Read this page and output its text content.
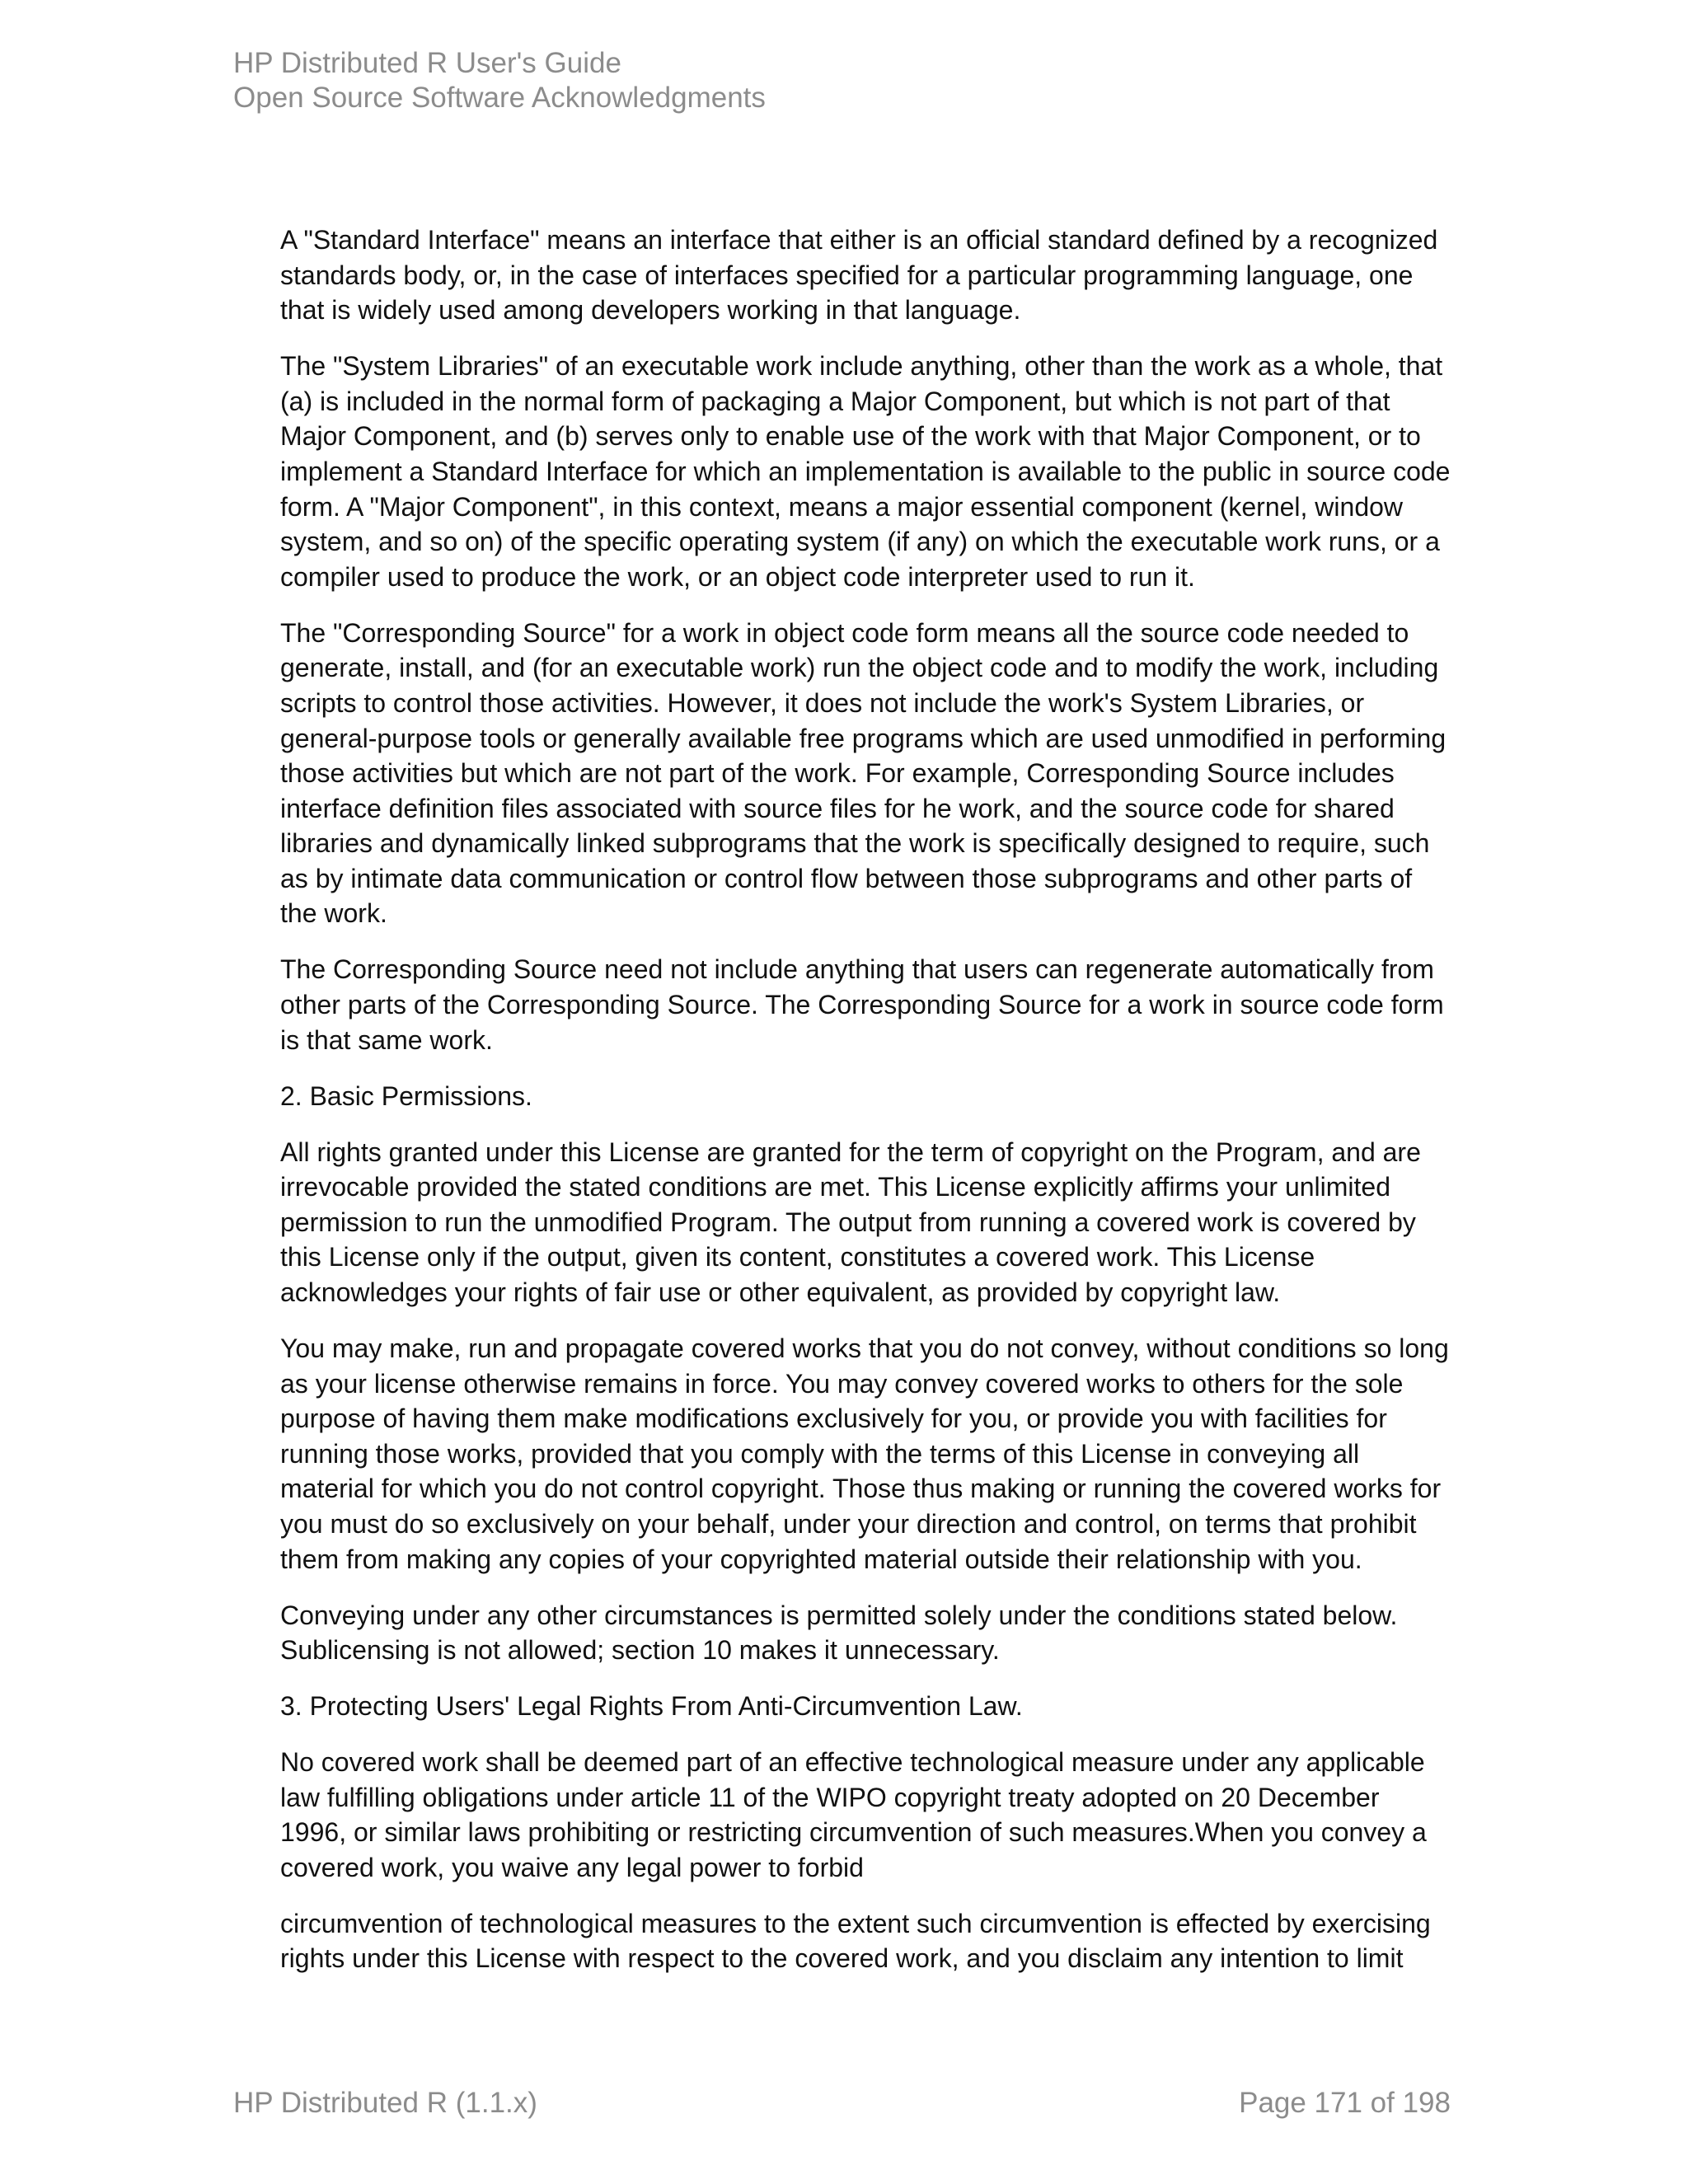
HP Distributed R User's Guide
Open Source Software Acknowledgments

A "Standard Interface" means an interface that either is an official standard defined by a recognized standards body, or, in the case of interfaces specified for a particular programming language, one that is widely used among developers working in that language.

The "System Libraries" of an executable work include anything, other than the work as a whole, that (a) is included in the normal form of packaging a Major Component, but which is not part of that Major Component, and (b) serves only to enable use of the work with that Major Component, or to implement a Standard Interface for which an implementation is available to the public in source code form. A "Major Component", in this context, means a major essential component (kernel, window system, and so on) of the specific operating system (if any) on which the executable work runs, or a compiler used to produce the work, or an object code interpreter used to run it.

The "Corresponding Source" for a work in object code form means all the source code needed to generate, install, and (for an executable work) run the object code and to modify the work, including scripts to control those activities. However, it does not include the work's System Libraries, or general-purpose tools or generally available free programs which are used unmodified in performing those activities but which are not part of the work. For example, Corresponding Source includes interface definition files associated with source files for he work, and the source code for shared libraries and dynamically linked subprograms that the work is specifically designed to require, such as by intimate data communication or control flow between those subprograms and other parts of the work.

The Corresponding Source need not include anything that users can regenerate automatically from other parts of the Corresponding Source. The Corresponding Source for a work in source code form is that same work.

2. Basic Permissions.

All rights granted under this License are granted for the term of copyright on the Program, and are irrevocable provided the stated conditions are met. This License explicitly affirms your unlimited permission to run the unmodified Program. The output from running a covered work is covered by this License only if the output, given its content, constitutes a covered work. This License acknowledges your rights of fair use or other equivalent, as provided by copyright law.

You may make, run and propagate covered works that you do not convey, without conditions so long as your license otherwise remains in force. You may convey covered works to others for the sole purpose of having them make modifications exclusively for you, or provide you with facilities for running those works, provided that you comply with the terms of this License in conveying all material for which you do not control copyright. Those thus making or running the covered works for you must do so exclusively on your behalf, under your direction and control, on terms that prohibit them from making any copies of your copyrighted material outside their relationship with you.

Conveying under any other circumstances is permitted solely under the conditions stated below. Sublicensing is not allowed; section 10 makes it unnecessary.

3. Protecting Users' Legal Rights From Anti-Circumvention Law.

No covered work shall be deemed part of an effective technological measure under any applicable law fulfilling obligations under article 11 of the WIPO copyright treaty adopted on 20 December 1996, or similar laws prohibiting or restricting circumvention of such measures.When you convey a covered work, you waive any legal power to forbid

circumvention of technological measures to the extent such circumvention is effected by exercising rights under this License with respect to the covered work, and you disclaim any intention to limit

HP Distributed R (1.1.x)	Page 171 of 198
